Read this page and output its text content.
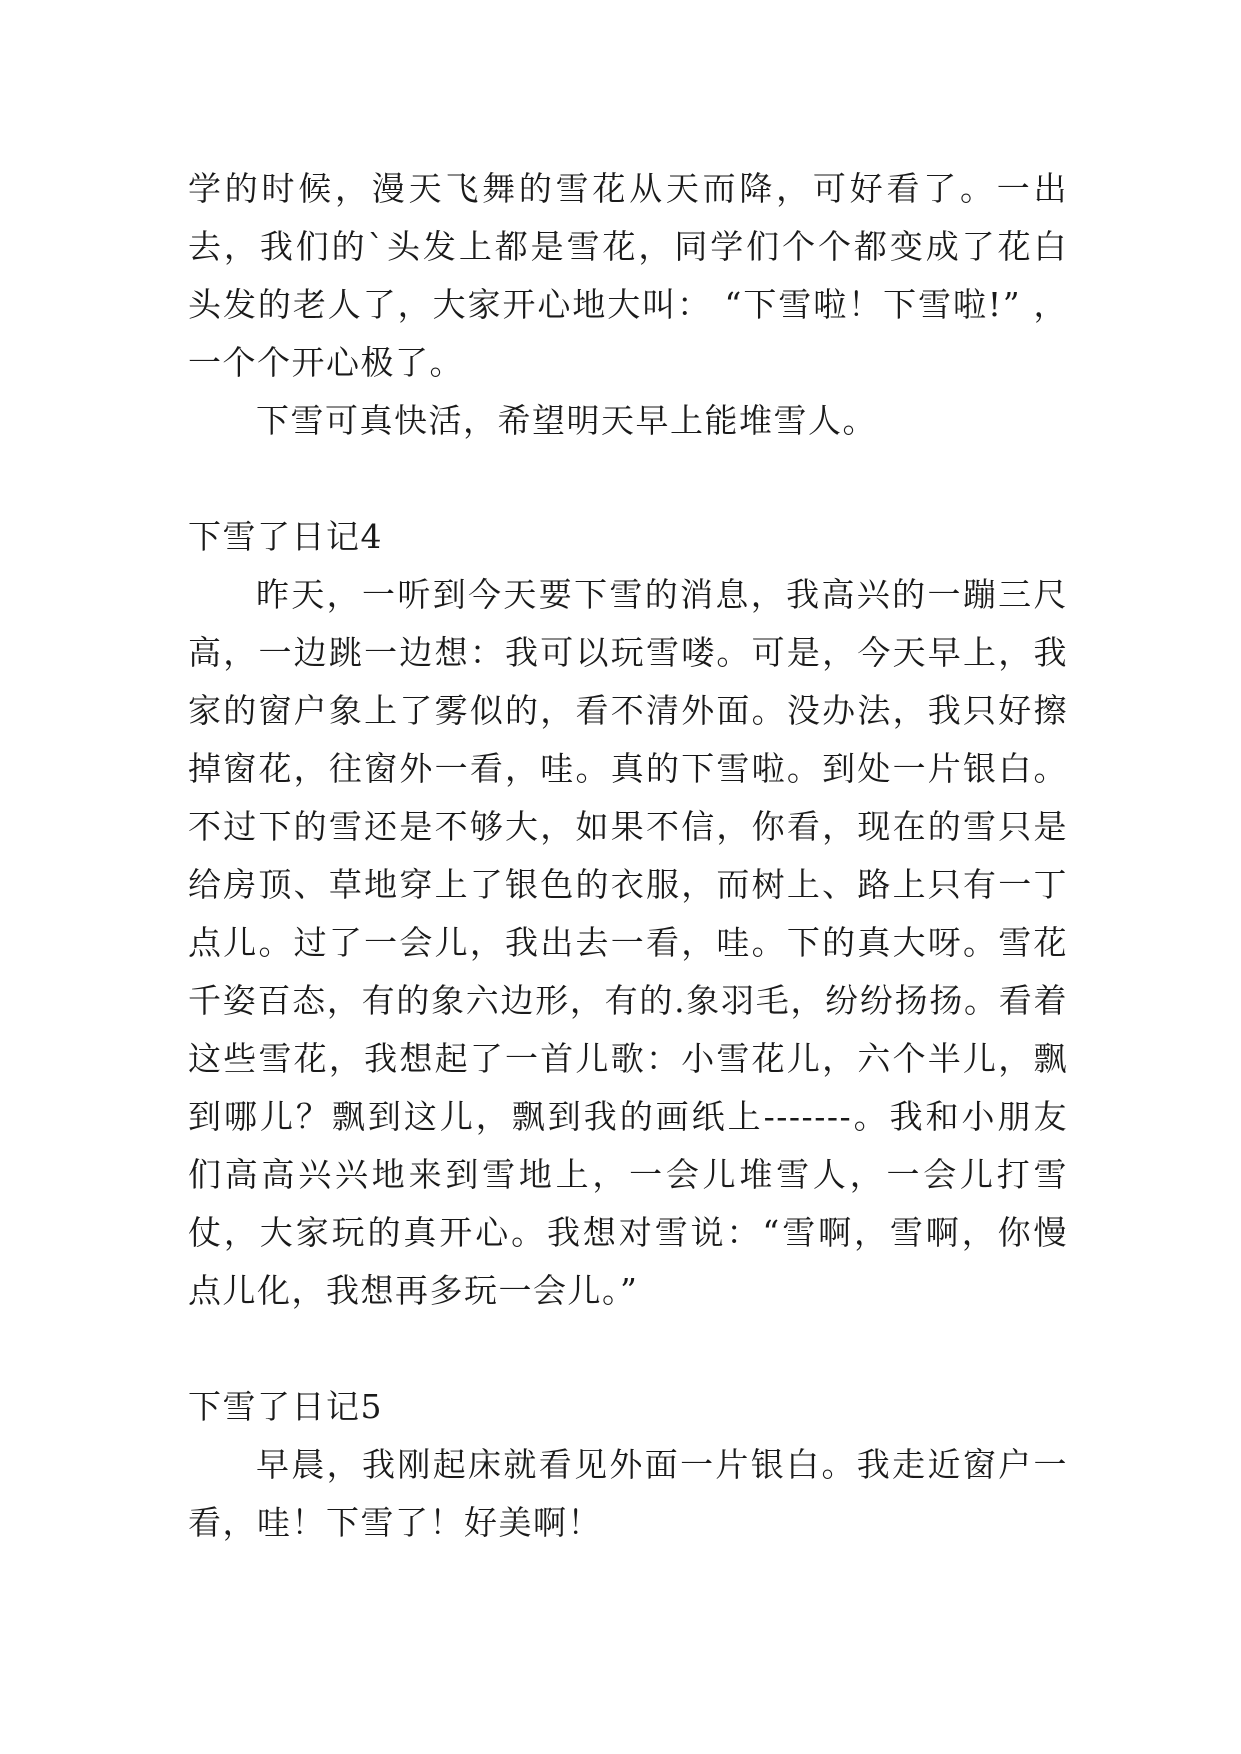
学的时候，漫天飞舞的雪花从天而降，可好看了。一出去，我们的`头发上都是雪花，同学们个个都变成了花白头发的老人了，大家开心地大叫： “下雪啦！下雪啦!” ，一个个开心极了。

下雪可真快活，希望明天早上能堆雪人。

下雪了日记4

昨天，一听到今天要下雪的消息，我高兴的一蹦三尺高，一边跳一边想：我可以玩雪喽。可是，今天早上，我家的窗户象上了雾似的，看不清外面。没办法，我只好擦掉窗花，往窗外一看，哇。真的下雪啦。到处一片银白。不过下的雪还是不够大，如果不信，你看，现在的雪只是给房顶、草地穿上了银色的衣服，而树上、路上只有一丁点儿。过了一会儿，我出去一看，哇。下的真大呀。雪花千姿百态，有的象六边形，有的.象羽毛，纷纷扬扬。看着这些雪花，我想起了一首儿歌：小雪花儿，六个半儿，飘到哪儿？飘到这儿，飘到我的画纸上-------。我和小朋友们高高兴兴地来到雪地上，一会儿堆雪人，一会儿打雪仗，大家玩的真开心。我想对雪说：“雪啊，雪啊，你慢点儿化，我想再多玩一会儿。”

下雪了日记5

早晨，我刚起床就看见外面一片银白。我走近窗户一看，哇！下雪了！好美啊！
